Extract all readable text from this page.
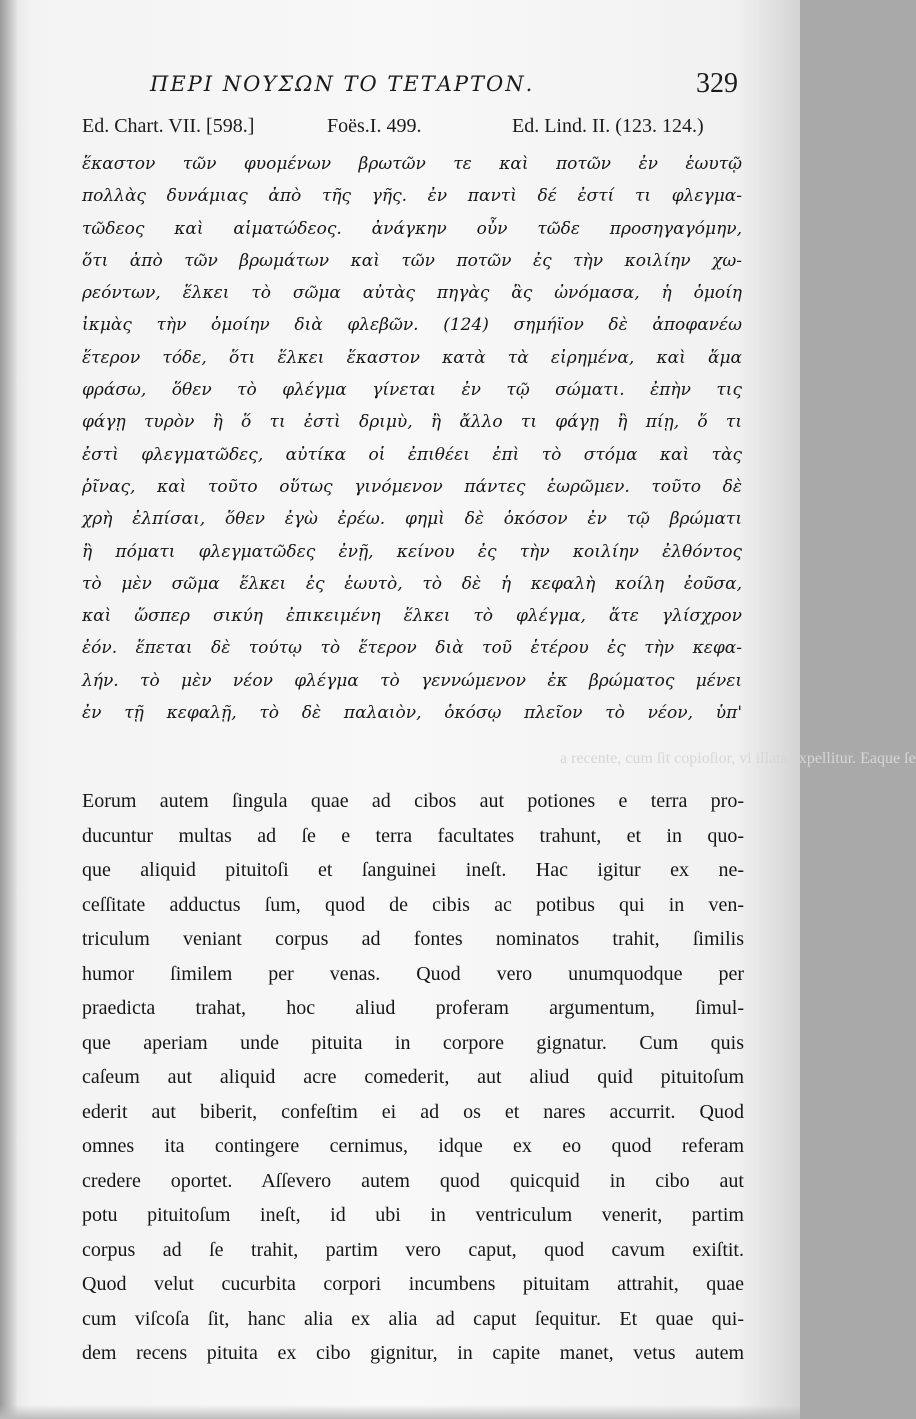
ΠΕΡΙ ΝΟΥΣΩΝ ΤΟ ΤΕΤΑΡΤΟΝ.	329
Ed. Chart. VII. [598.]	Foës.I. 499.	Ed. Lind. II. (123. 124.)
ἕκαστον τῶν φυομένων βρωτῶν τε καὶ ποτῶν ἐν ἑωυτῷ
πολλὰς δυνάμιας ἀπὸ τῆς γῆς. ἐν παντὶ δέ ἐστί τι φλεγμα-
τῶδεος καὶ αἱματώδεος. ἀνάγκην οὖν τῶδε προσηγαγόμην,
ὅτι ἀπὸ τῶν βρωμάτων καὶ τῶν ποτῶν ἐς τὴν κοιλίην χω-
ρεόντων, ἕλκει τὸ σῶμα αὐτὰς πηγὰς ἃς ὠνόμασα, ἡ ὁμοίη
ἰκμὰς τὴν ὁμοίην διὰ φλεβῶν. (124) σημήϊον δὲ ἀποφανέω
ἕτερον τόδε, ὅτι ἕλκει ἕκαστον κατὰ τὰ εἰρημένα, καὶ ἅμα
φράσω, ὅθεν τὸ φλέγμα γίνεται ἐν τῷ σώματι. ἐπὴν τις
φάγῃ τυρὸν ἢ ὅ τι ἐστὶ δριμὺ, ἢ ἄλλο τι φάγῃ ἢ πίῃ, ὅ τι
ἐστὶ φλεγματῶδες, αὐτίκα οἱ ἐπιθέει ἐπὶ τὸ στόμα καὶ τὰς
ῥῖνας, καὶ τοῦτο οὕτως γινόμενον πάντες ἑωρῶμεν. τοῦτο δὲ
χρὴ ἐλπίσαι, ὅθεν ἐγὼ ἐρέω. φημὶ δὲ ὁκόσον ἐν τῷ βρώματι
ἢ πόματι φλεγματῶδες ἐνῇ, κείνου ἐς τὴν κοιλίην ἐλθόντος
τὸ μὲν σῶμα ἕλκει ἐς ἑωυτὸ, τὸ δὲ ἡ κεφαλὴ κοίλη ἐοῦσα,
καὶ ὥσπερ σικύη ἐπικειμένη ἕλκει τὸ φλέγμα, ἅτε γλίσχρον
ἐόν. ἕπεται δὲ τούτῳ τὸ ἕτερον διὰ τοῦ ἑτέρου ἐς τὴν κεφα-
λήν. τὸ μὲν νέον φλέγμα τὸ γεννώμενον ἐκ βρώματος μένει
ἐν τῇ κεφαλῇ, τὸ δὲ παλαιὸν, ὁκόσῳ πλεῖον τὸ νέον, ὑπ'
a recente, cum ſit copioſior, vi illata expellitur. Eaque ſe
Eorum autem ſingula quae ad cibos aut potiones e terra pro-
ducuntur multas ad ſe e terra facultates trahunt, et in quo-
que aliquid pituitoſi et ſanguinei ineſt. Hac igitur ex ne-
ceſſitate adductus ſum, quod de cibis ac potibus qui in ven-
triculum veniant corpus ad fontes nominatos trahit, ſimilis
humor ſimilem per venas. Quod vero unumquodque per
praedicta trahat, hoc aliud proferam argumentum, ſimul-
que aperiam unde pituita in corpore gignatur. Cum quis
caſeum aut aliquid acre comederit, aut aliud quid pituitoſum
ederit aut biberit, confeſtim ei ad os et nares accurrit. Quod
omnes ita contingere cernimus, idque ex eo quod referam
credere oportet. Aſſevero autem quod quicquid in cibo aut
potu pituitoſum ineſt, id ubi in ventriculum venerit, partim
corpus ad ſe trahit, partim vero caput, quod cavum exiſtit.
Quod velut cucurbita corpori incumbens pituitam attrahit, quae
cum viſcoſa ſit, hanc alia ex alia ad caput ſequitur. Et quae qui-
dem recens pituita ex cibo gignitur, in capite manet, vetus autem
